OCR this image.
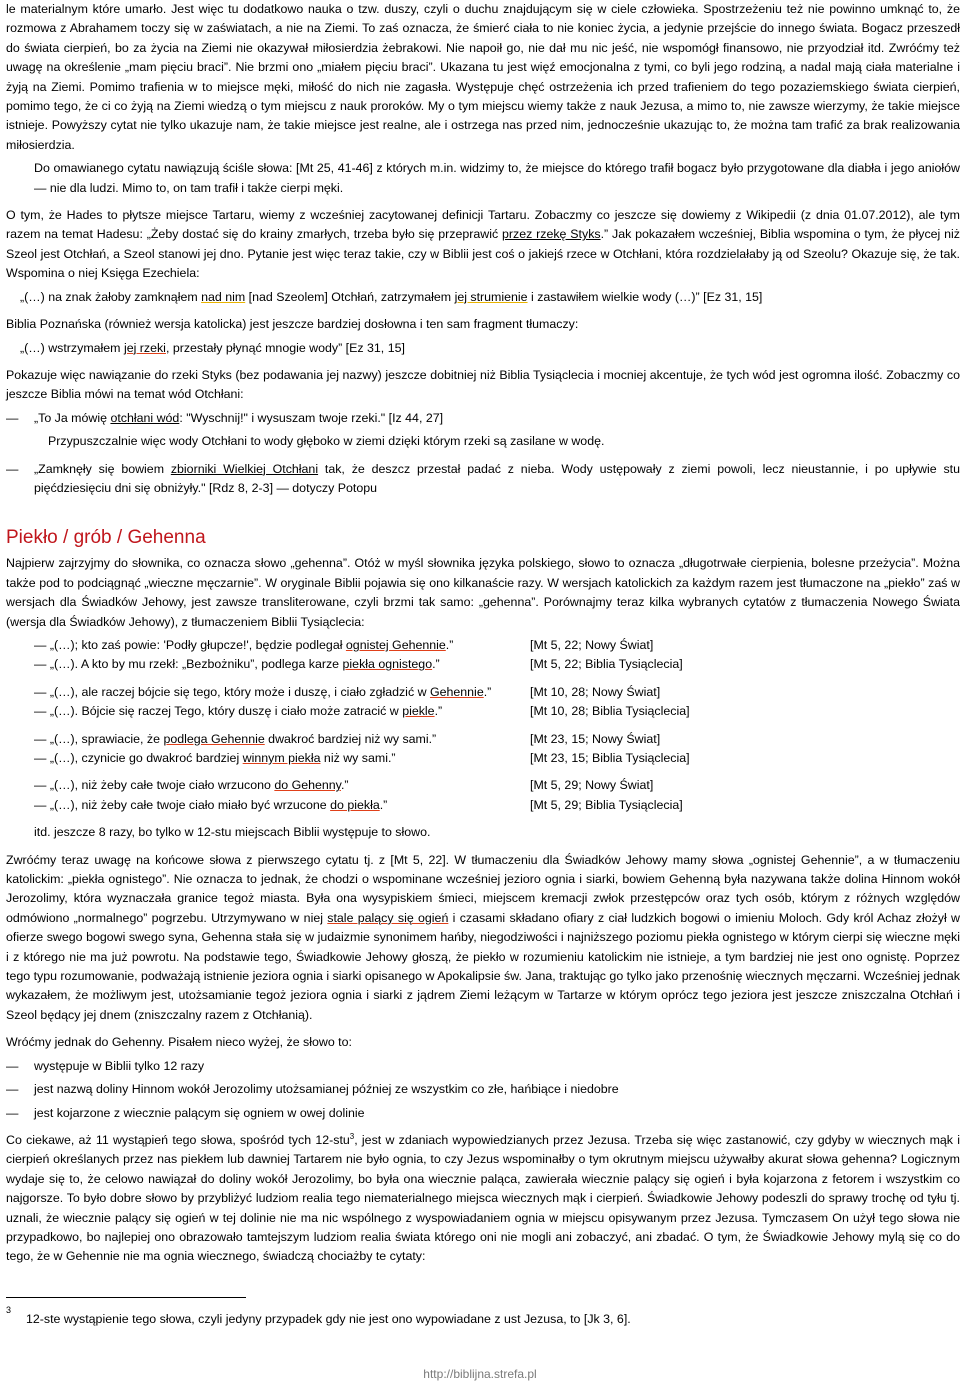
le materialnym które umarło. Jest więc tu dodatkowo nauka o tzw. duszy, czyli o duchu znajdującym się w ciele człowieka. Spostrzeżeniu też nie powinno umknąć to, że rozmowa z Abrahamem toczy się w zaświatach, a nie na Ziemi. To zaś oznacza, że śmierć ciała to nie koniec życia, a jedynie przejście do innego świata. Bogacz przeszedł do świata cierpień, bo za życia na Ziemi nie okazywał miłosierdzia żebrakowi. Nie napoił go, nie dał mu nic jeść, nie wspomógł finansowo, nie przyodział itd. Zwróćmy też uwagę na określenie „mam pięciu braci”. Nie brzmi ono „miałem pięciu braci”. Ukazana tu jest więź emocjonalna z tymi, co byli jego rodziną, a nadal mają ciała materialne i żyją na Ziemi. Pomimo trafienia w to miejsce męki, miłość do nich nie zagasła. Występuje chęć ostrzeżenia ich przed trafieniem do tego pozaziemskiego świata cierpień, pomimo tego, że ci co żyją na Ziemi wiedzą o tym miejscu z nauk proroków. My o tym miejscu wiemy także z nauk Jezusa, a mimo to, nie zawsze wierzymy, że takie miejsce istnieje. Powyższy cytat nie tylko ukazuje nam, że takie miejsce jest realne, ale i ostrzega nas przed nim, jednocześnie ukazując to, że można tam trafić za brak realizowania miłosierdzia.

Do omawianego cytatu nawiązują ściśle słowa: [Mt 25, 41-46] z których m.in. widzimy to, że miejsce do którego trafił bogacz było przygotowane dla diabła i jego aniołów — nie dla ludzi. Mimo to, on tam trafił i także cierpi męki.

O tym, że Hades to płytsze miejsce Tartaru, wiemy z wcześniej zacytowanej definicji Tartaru. Zobaczmy co jeszcze się dowiemy z Wikipedii (z dnia 01.07.2012), ale tym razem na temat Hadesu: „Żeby dostać się do krainy zmarłych, trzeba było się przeprawić przez rzekę Styks.” Jak pokazałem wcześniej, Biblia wspomina o tym, że płycej niż Szeol jest Otchłań, a Szeol stanowi jej dno. Pytanie jest więc teraz takie, czy w Biblii jest coś o jakiejś rzece w Otchłani, która rozdzielałaby ją od Szeolu? Okazuje się, że tak. Wspomina o niej Księga Ezechiela:

„(…) na znak żałoby zamknąłem nad nim [nad Szeolem] Otchłań, zatrzymałem jej strumienie i zastawiłem wielkie wody (…)” [Ez 31, 15]

Biblia Poznańska (również wersja katolicka) jest jeszcze bardziej dosłowna i ten sam fragment tłumaczy:

„(…) wstrzymałem jej rzeki, przestały płynąć mnogie wody” [Ez 31, 15]

Pokazuje więc nawiązanie do rzeki Styks (bez podawania jej nazwy) jeszcze dobitniej niż Biblia Tysiąclecia i mocniej akcentuje, że tych wód jest ogromna ilość. Zobaczmy co jeszcze Biblia mówi na temat wód Otchłani:

—	„To Ja mówię otchłani wód: "Wyschnij!" i wysuszam twoje rzeki." [Iz 44, 27]

Przypuszczalnie więc wody Otchłani to wody głęboko w ziemi dzięki którym rzeki są zasilane w wodę.

—	„Zamknęły się bowiem zbiorniki Wielkiej Otchłani tak, że deszcz przestał padać z nieba. Wody ustępowały z ziemi powoli, lecz nieustannie, i po upływie stu pięćdziesięciu dni się obniżyły." [Rdz 8, 2-3] — dotyczy Potopu
Piekło / grób / Gehenna

Najpierw zajrzyjmy do słownika, co oznacza słowo „gehenna”. Otóż w myśl słownika języka polskiego, słowo to oznacza „długotrwałe cierpienia, bolesne przeżycia”. Można także pod to podciągnąć „wieczne męczarnie”. W oryginale Biblii pojawia się ono kilkanaście razy. W wersjach katolickich za każdym razem jest tłumaczone na „piekło” zaś w wersjach dla Świadków Jehowy, jest zawsze transliterowane, czyli brzmi tak samo: „gehenna”. Porównajmy teraz kilka wybranych cytatów z tłumaczenia Nowego Świata (wersja dla Świadków Jehowy), z tłumaczeniem Biblii Tysiąclecia:

— „(…); kto zaś powie: 'Podły głupcze!', będzie podlegał ognistej Gehennie.”	[Mt 5, 22; Nowy Świat]
— „(…). A kto by mu rzekł: „Bezbożniku”, podlega karze piekła ognistego.”	[Mt 5, 22; Biblia Tysiąclecia]
— „(…), ale raczej bójcie się tego, który może i duszę, i ciało zgładzić w Gehennie.”	[Mt 10, 28; Nowy Świat]
— „(…). Bójcie się raczej Tego, który duszę i ciało może zatracić w piekle.”	[Mt 10, 28; Biblia Tysiąclecia]
— „(…), sprawiacie, że podlega Gehennie dwakroć bardziej niż wy sami.”	[Mt 23, 15; Nowy Świat]
— „(…), czynicie go dwakroć bardziej winnym piekła niż wy sami.”	[Mt 23, 15; Biblia Tysiąclecia]
— „(…), niż żeby całe twoje ciało wrzucono do Gehenny.”	[Mt 5, 29; Nowy Świat]
— „(…), niż żeby całe twoje ciało miało być wrzucone do piekła.”	[Mt 5, 29; Biblia Tysiąclecia]

itd. jeszcze 8 razy, bo tylko w 12-stu miejscach Biblii występuje to słowo.

Zwróćmy teraz uwagę na końcowe słowa z pierwszego cytatu tj. z [Mt 5, 22]. W tłumaczeniu dla Świadków Jehowy mamy słowa „ognistej Gehennie”, a w tłumaczeniu katolickim: „piekła ognistego”. Nie oznacza to jednak, że chodzi o wspominane wcześniej jezioro ognia i siarki, bowiem Gehenną była nazywana także dolina Hinnom wokół Jerozolimy, która wyznaczała granice tegoż miasta. Była ona wysypiskiem śmieci, miejscem kremacji zwłok przestępców oraz tych osób, którym z różnych względów odmówiono „normalnego” pogrzebu. Utrzymywano w niej stale palący się ogień i czasami składano ofiary z ciał ludzkich bogowi o imieniu Moloch. Gdy król Achaz złożył w ofierze swego bogowi swego syna, Gehenna stała się w judaizmie synonimem hańby, niegodziwości i najniższego poziomu piekła ognistego w którym cierpi się wieczne męki i z którego nie ma już powrotu. Na podstawie tego, Świadkowie Jehowy głoszą, że piekło w rozumieniu katolickim nie istnieje, a tym bardziej nie jest ono ognistę. Poprzez tego typu rozumowanie, podważają istnienie jeziora ognia i siarki opisanego w Apokalipsie św. Jana, traktując go tylko jako przenośnię wiecznych męczarni. Wcześniej jednak wykazałem, że możliwym jest, utożsamianie tegoż jeziora ognia i siarki z jądrem Ziemi leżącym w Tartarze w którym oprócz tego jeziora jest jeszcze zniszczalna Otchłań i Szeol będący jej dnem (zniszczalny razem z Otchłanią).

Wróćmy jednak do Gehenny. Pisałem nieco wyżej, że słowo to:

—	występuje w Biblii tylko 12 razy
—	jest nazwą doliny Hinnom wokół Jerozolimy utożsamianej później ze wszystkim co złe, hańbiące i niedobre
—	jest kojarzone z wiecznie palącym się ogniem w owej dolinie

Co ciekawe, aż 11 wystąpień tego słowa, spośród tych 12-stu$^3$, jest w zdaniach wypowiedzianych przez Jezusa. Trzeba się więc zastanowić, czy gdyby w wiecznych mąk i cierpień określanych przez nas piekłem lub dawniej Tartarem nie było ognia, to czy Jezus wspominałby o tym okrutnym miejscu używałby akurat słowa gehenna? Logicznym wydaje się to, że celowo nawiązał do doliny wokół Jerozolimy, bo była ona wiecznie paląca, zawierała wiecznie palący się ogień i była kojarzona z fetorem i wszystkim co najgorsze. To było dobre słowo by przybliżyć ludziom realia tego niematerialnego miejsca wiecznych mąk i cierpień. Świadkowie Jehowy podeszli do sprawy trochę od tyłu tj. uznali, że wiecznie palący się ogień w tej dolinie nie ma nic wspólnego z wyspowiadaniem ognia w miejscu opisywanym przez Jezusa. Tymczasem On użył tego słowa nie przypadkowo, bo najlepiej ono obrazowało tamtejszym ludziom realia świata którego oni nie mogli ani zobaczyć, ani zbadać. O tym, że Świadkowie Jehowy mylą się co do tego, że w Gehennie nie ma ognia wiecznego, świadczą chociażby te cytaty:

3
12-ste wystąpienie tego słowa, czyli jedyny przypadek gdy nie jest ono wypowiadane z ust Jezusa, to [Jk 3, 6].
http://biblijna.strefa.pl
